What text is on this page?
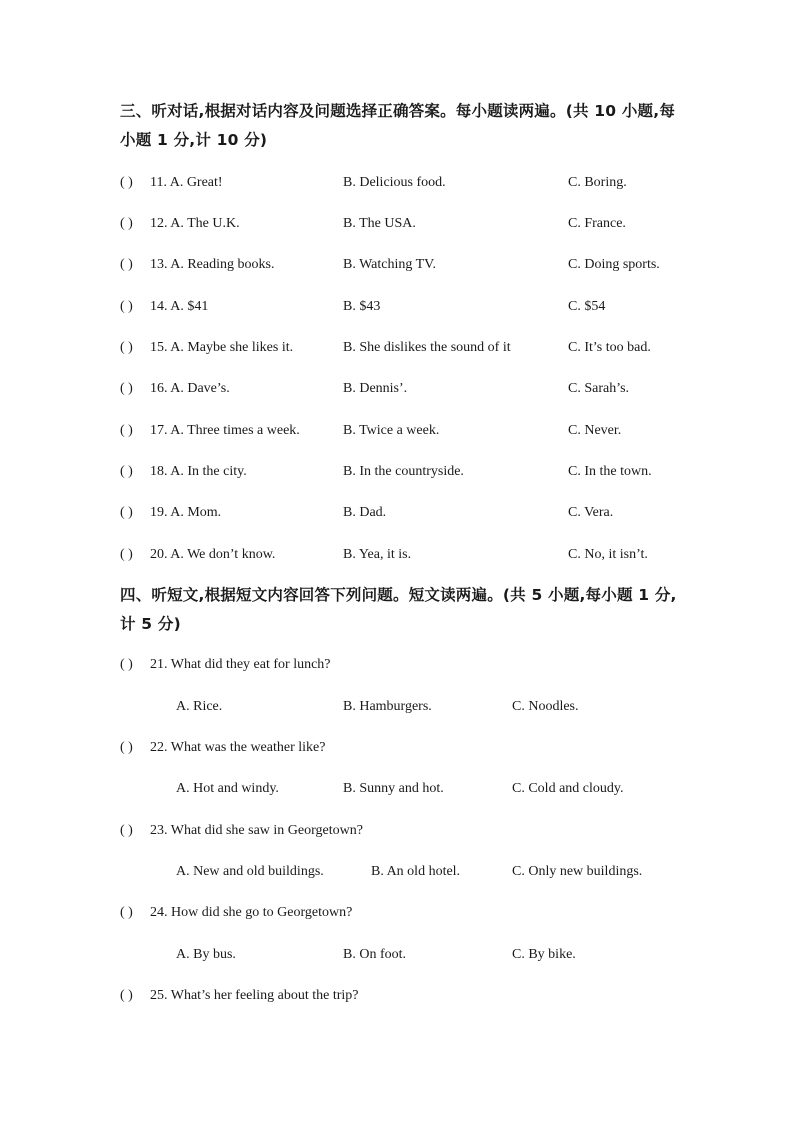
三、听对话,根据对话内容及问题选择正确答案。每小题读两遍。(共 10 小题,每小题 1 分,计 10 分)
( ) 11. A. Great!	B. Delicious food.	C. Boring.
( ) 12. A. The U.K.	B. The USA.	C. France.
( ) 13. A. Reading books.	B. Watching TV.	C. Doing sports.
( ) 14. A. $41	B. $43	C. $54
( ) 15. A. Maybe she likes it.	B. She dislikes the sound of it	C. It’s too bad.
( ) 16. A. Dave’s.	B. Dennis’.	C. Sarah’s.
( ) 17. A. Three times a week.	B. Twice a week.	C. Never.
( ) 18. A. In the city.	B. In the countryside.	C. In the town.
( ) 19. A. Mom.	B. Dad.	C. Vera.
( ) 20. A. We don’t know.	B. Yea, it is.	C. No, it isn’t.
四、听短文,根据短文内容回答下列问题。短文读两遍。(共 5 小题,每小题 1 分,计 5 分)
( ) 21. What did they eat for lunch?
A. Rice.	B. Hamburgers.	C. Noodles.
( ) 22. What was the weather like?
A. Hot and windy.	B. Sunny and hot.	C. Cold and cloudy.
( ) 23. What did she saw in Georgetown?
A. New and old buildings.	B. An old hotel.	C. Only new buildings.
( ) 24. How did she go to Georgetown?
A. By bus.	B. On foot.	C. By bike.
( ) 25. What’s her feeling about the trip?
